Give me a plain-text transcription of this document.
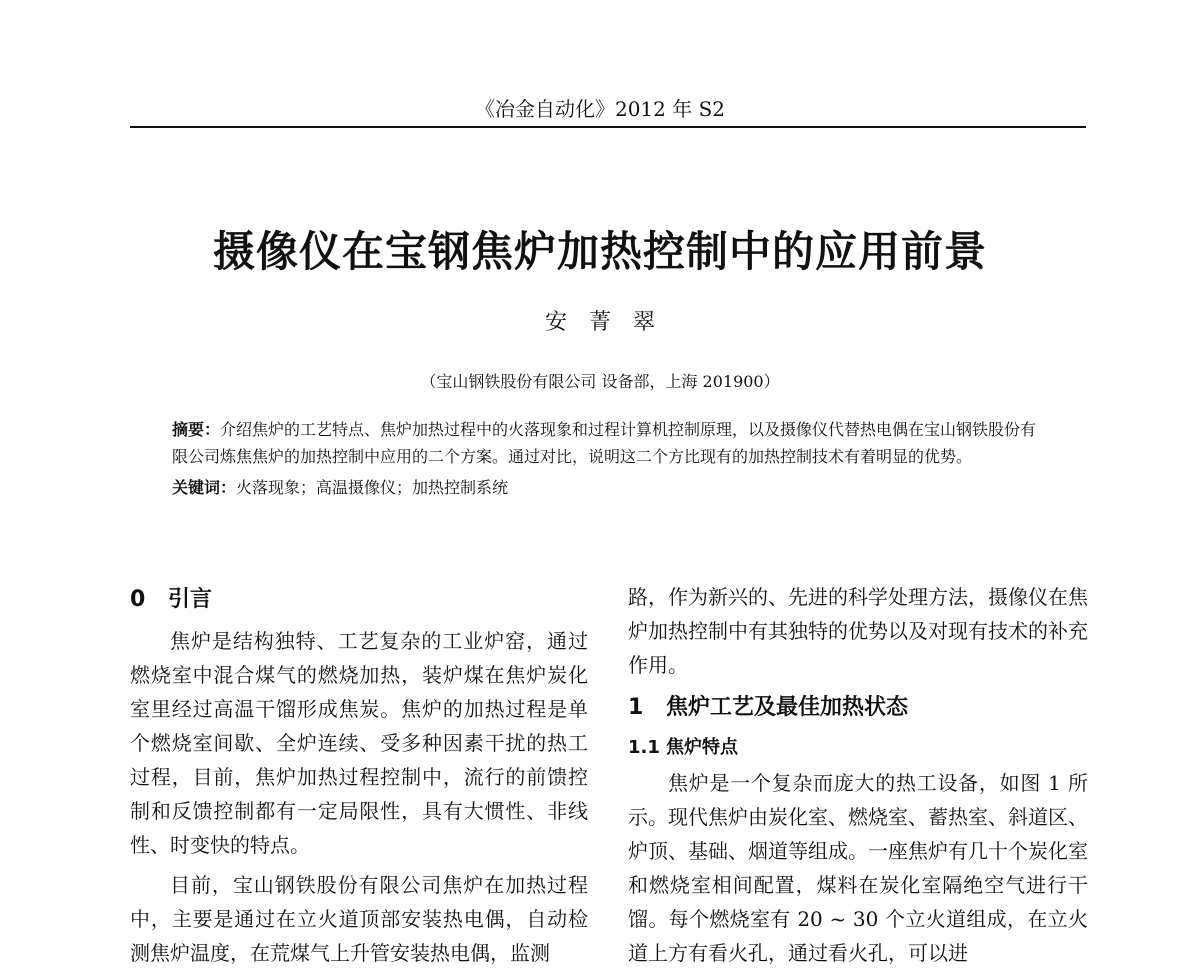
《冶金自动化》2012 年 S2
摄像仪在宝钢焦炉加热控制中的应用前景
安菁翠
（宝山钢铁股份有限公司 设备部，上海 201900）

摘要：介绍焦炉的工艺特点、焦炉加热过程中的火落现象和过程计算机控制原理，以及摄像仪代替热电偶在宝山钢铁股份有限公司炼焦焦炉的加热控制中应用的二个方案。通过对比，说明这二个方比现有的加热控制技术有着明显的优势。

关键词：火落现象；高温摄像仪；加热控制系统

0 引言

焦炉是结构独特、工艺复杂的工业炉窑，通过燃烧室中混合煤气的燃烧加热，装炉煤在焦炉炭化室里经过高温干馏形成焦炭。焦炉的加热过程是单个燃烧室间歇、全炉连续、受多种因素干扰的热工过程，目前，焦炉加热过程控制中，流行的前馈控制和反馈控制都有一定局限性，具有大惯性、非线性、时变快的特点。

目前，宝山钢铁股份有限公司焦炉在加热过程中，主要是通过在立火道顶部安装热电偶，自动检测焦炉温度，在荒煤气上升管安装热电偶，监测

路，作为新兴的、先进的科学处理方法，摄像仪在焦炉加热控制中有其独特的优势以及对现有技术的补充作用。

1 焦炉工艺及最佳加热状态
1.1 焦炉特点

焦炉是一个复杂而庞大的热工设备，如图 1 所示。现代焦炉由炭化室、燃烧室、蓄热室、斜道区、炉顶、基础、烟道等组成。一座焦炉有几十个炭化室和燃烧室相间配置，煤料在炭化室隔绝空气进行干馏。每个燃烧室有 20 ~ 30 个立火道组成，在立火道上方有看火孔，通过看火孔，可以进
